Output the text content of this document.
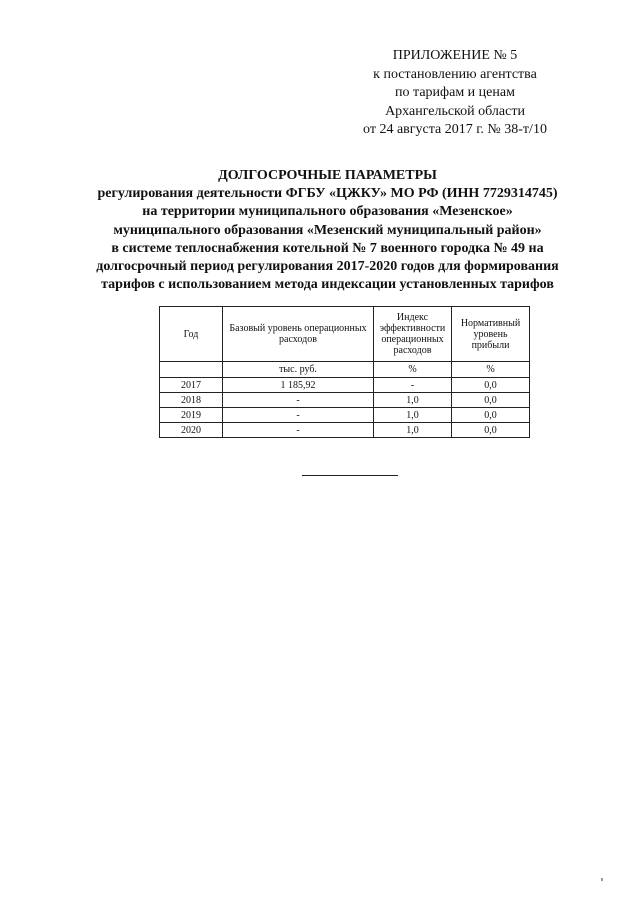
ПРИЛОЖЕНИЕ № 5
к постановлению агентства
по тарифам и ценам
Архангельской области
от 24 августа 2017 г. № 38-т/10
ДОЛГОСРОЧНЫЕ ПАРАМЕТРЫ
регулирования деятельности ФГБУ «ЦЖКУ» МО РФ (ИНН 7729314745)
на территории муниципального образования «Мезенское»
муниципального образования «Мезенский муниципальный район»
в системе теплоснабжения котельной № 7 военного городка № 49 на
долгосрочный период регулирования 2017-2020 годов для формирования
тарифов с использованием метода индексации установленных тарифов
Год	Базовый уровень операционных расходов	Индекс эффективности операционных расходов	Нормативный уровень прибыли
	тыс. руб.	%	%
2017	1 185,92	-	0,0
2018	-	1,0	0,0
2019	-	1,0	0,0
2020	-	1,0	0,0
